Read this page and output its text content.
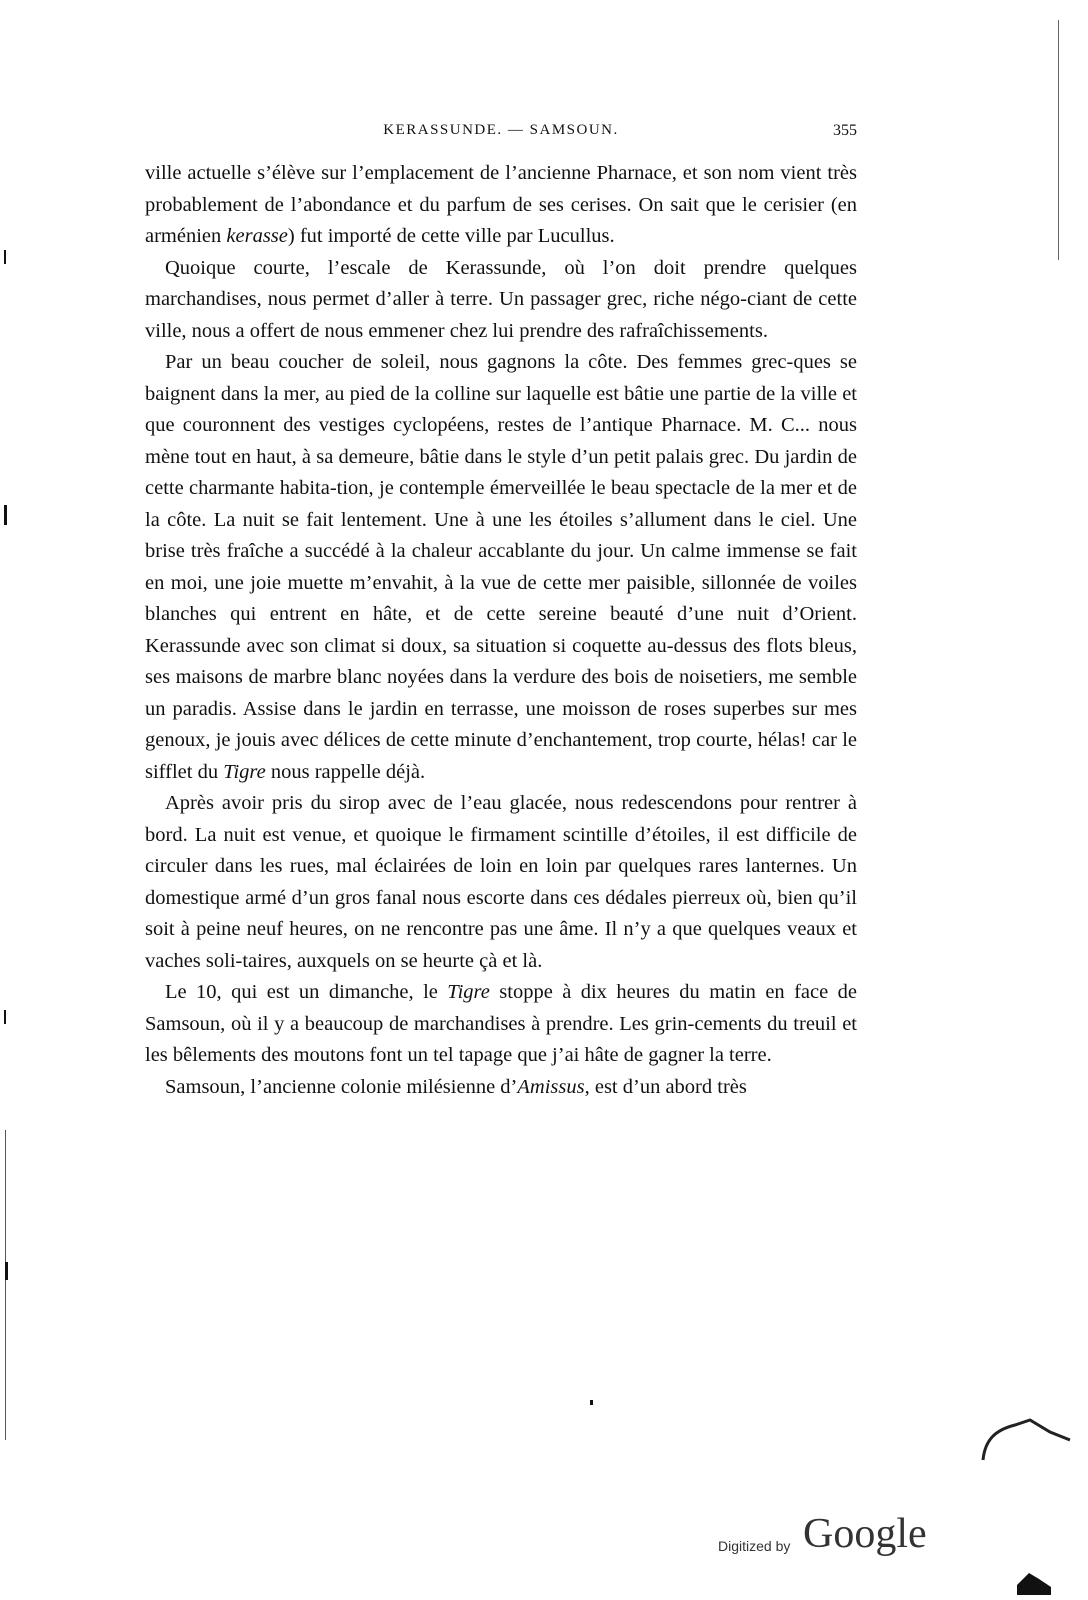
KERASSUNDE. — SAMSOUN.	355

ville actuelle s’élève sur l’emplacement de l’ancienne Pharnace, et son nom vient très probablement de l’abondance et du parfum de ses cerises. On sait que le cerisier (en arménien kerasse) fut importé de cette ville par Lucullus.

Quoique courte, l’escale de Kerassunde, où l’on doit prendre quelques marchandises, nous permet d’aller à terre. Un passager grec, riche négo-ciant de cette ville, nous a offert de nous emmener chez lui prendre des rafraîchissements.

Par un beau coucher de soleil, nous gagnons la côte. Des femmes grec-ques se baignent dans la mer, au pied de la colline sur laquelle est bâtie une partie de la ville et que couronnent des vestiges cyclopéens, restes de l’antique Pharnace. M. C... nous mène tout en haut, à sa demeure, bâtie dans le style d’un petit palais grec. Du jardin de cette charmante habita-tion, je contemple émerveillée le beau spectacle de la mer et de la côte. La nuit se fait lentement. Une à une les étoiles s’allument dans le ciel. Une brise très fraîche a succédé à la chaleur accablante du jour. Un calme immense se fait en moi, une joie muette m’envahit, à la vue de cette mer paisible, sillonnée de voiles blanches qui entrent en hâte, et de cette sereine beauté d’une nuit d’Orient. Kerassunde avec son climat si doux, sa situation si coquette au-dessus des flots bleus, ses maisons de marbre blanc noyées dans la verdure des bois de noisetiers, me semble un paradis. Assise dans le jardin en terrasse, une moisson de roses superbes sur mes genoux, je jouis avec délices de cette minute d’enchantement, trop courte, hélas! car le sifflet du Tigre nous rappelle déjà.

Après avoir pris du sirop avec de l’eau glacée, nous redescendons pour rentrer à bord. La nuit est venue, et quoique le firmament scintille d’étoiles, il est difficile de circuler dans les rues, mal éclairées de loin en loin par quelques rares lanternes. Un domestique armé d’un gros fanal nous escorte dans ces dédales pierreux où, bien qu’il soit à peine neuf heures, on ne rencontre pas une âme. Il n’y a que quelques veaux et vaches soli-taires, auxquels on se heurte çà et là.

Le 10, qui est un dimanche, le Tigre stoppe à dix heures du matin en face de Samsoun, où il y a beaucoup de marchandises à prendre. Les grin-cements du treuil et les bêlements des moutons font un tel tapage que j’ai hâte de gagner la terre.

Samsoun, l’ancienne colonie milésienne d’Amissus, est d’un abord très

Digitized by Google
